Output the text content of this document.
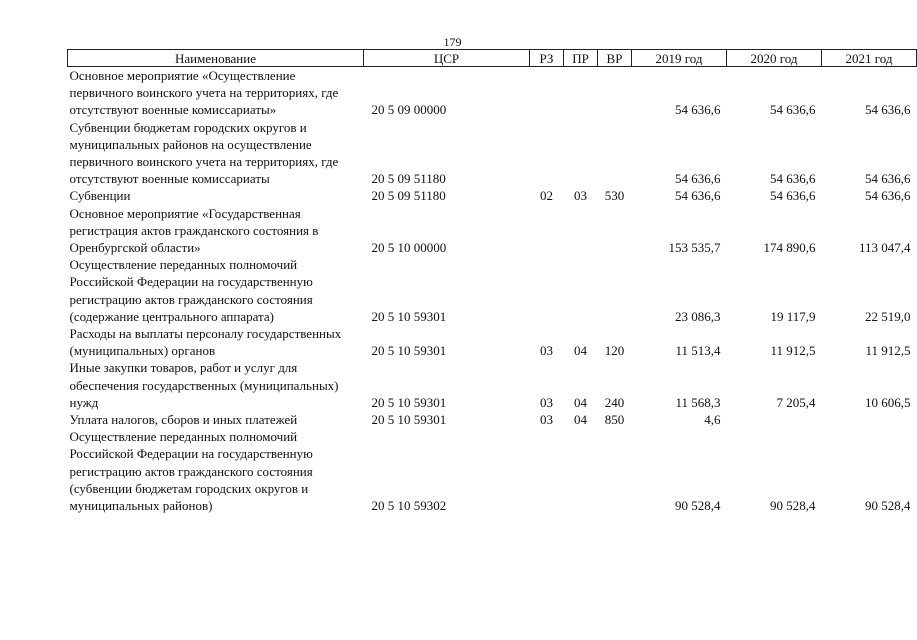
179
Наименование	ЦСР	РЗ	ПР	ВР	2019 год	2020 год	2021 год
Основное мероприятие «Осуществление первичного воинского учета на территориях, где отсутствуют военные комиссариаты»	20 5 09 00000				54 636,6	54 636,6	54 636,6
Субвенции бюджетам городских округов и муниципальных районов на осуществление первичного воинского учета на территориях, где отсутствуют военные комиссариаты	20 5 09 51180				54 636,6	54 636,6	54 636,6
Субвенции	20 5 09 51180	02	03	530	54 636,6	54 636,6	54 636,6
Основное мероприятие «Государственная регистрация актов гражданского состояния в Оренбургской области»	20 5 10 00000				153 535,7	174 890,6	113 047,4
Осуществление переданных полномочий Российской Федерации на государственную регистрацию актов гражданского состояния (содержание центрального аппарата)	20 5 10 59301				23 086,3	19 117,9	22 519,0
Расходы на выплаты персоналу государственных (муниципальных) органов	20 5 10 59301	03	04	120	11 513,4	11 912,5	11 912,5
Иные закупки товаров, работ и услуг для обеспечения государственных (муниципальных) нужд	20 5 10 59301	03	04	240	11 568,3	7 205,4	10 606,5
Уплата налогов, сборов и иных платежей	20 5 10 59301	03	04	850	4,6		
Осуществление переданных полномочий Российской Федерации на государственную регистрацию актов гражданского состояния (субвенции бюджетам городских округов и муниципальных районов)	20 5 10 59302				90 528,4	90 528,4	90 528,4
